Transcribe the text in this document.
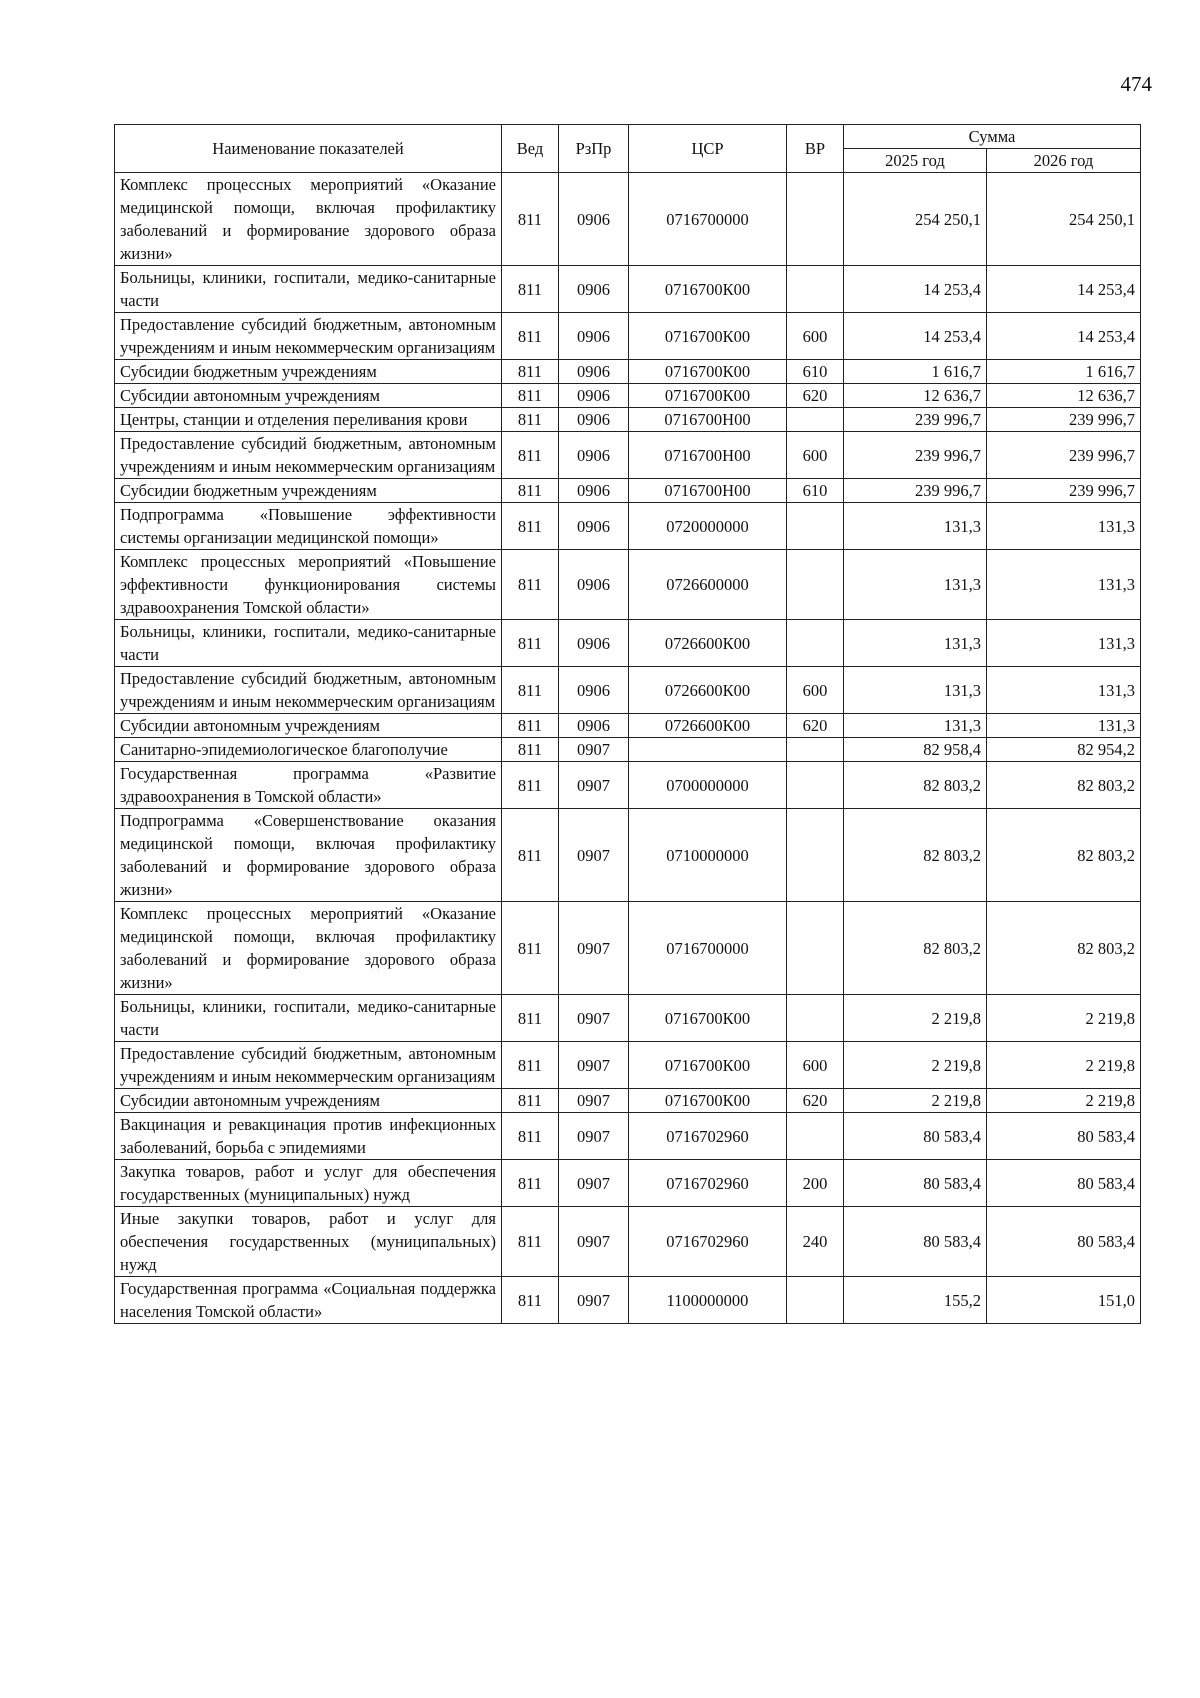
474
Наименование показателей	Вед	РзПр	ЦСР	ВР	Сумма	
					2025 год	2026 год
Комплекс процессных мероприятий «Оказание медицинской помощи, включая профилактику заболеваний и формирование здорового образа жизни»	811	0906	0716700000		254 250,1	254 250,1
Больницы, клиники, госпитали, медико-санитарные части	811	0906	0716700К00		14 253,4	14 253,4
Предоставление субсидий бюджетным, автономным учреждениям и иным некоммерческим организациям	811	0906	0716700К00	600	14 253,4	14 253,4
Субсидии бюджетным учреждениям	811	0906	0716700К00	610	1 616,7	1 616,7
Субсидии автономным учреждениям	811	0906	0716700К00	620	12 636,7	12 636,7
Центры, станции и отделения переливания крови	811	0906	0716700Н00		239 996,7	239 996,7
Предоставление субсидий бюджетным, автономным учреждениям и иным некоммерческим организациям	811	0906	0716700Н00	600	239 996,7	239 996,7
Субсидии бюджетным учреждениям	811	0906	0716700Н00	610	239 996,7	239 996,7
Подпрограмма «Повышение эффективности системы организации медицинской помощи»	811	0906	0720000000		131,3	131,3
Комплекс процессных мероприятий «Повышение эффективности функционирования системы здравоохранения Томской области»	811	0906	0726600000		131,3	131,3
Больницы, клиники, госпитали, медико-санитарные части	811	0906	0726600К00		131,3	131,3
Предоставление субсидий бюджетным, автономным учреждениям и иным некоммерческим организациям	811	0906	0726600К00	600	131,3	131,3
Субсидии автономным учреждениям	811	0906	0726600К00	620	131,3	131,3
Санитарно-эпидемиологическое благополучие	811	0907			82 958,4	82 954,2
Государственная программа «Развитие здравоохранения в Томской области»	811	0907	0700000000		82 803,2	82 803,2
Подпрограмма «Совершенствование оказания медицинской помощи, включая профилактику заболеваний и формирование здорового образа жизни»	811	0907	0710000000		82 803,2	82 803,2
Комплекс процессных мероприятий «Оказание медицинской помощи, включая профилактику заболеваний и формирование здорового образа жизни»	811	0907	0716700000		82 803,2	82 803,2
Больницы, клиники, госпитали, медико-санитарные части	811	0907	0716700К00		2 219,8	2 219,8
Предоставление субсидий бюджетным, автономным учреждениям и иным некоммерческим организациям	811	0907	0716700К00	600	2 219,8	2 219,8
Субсидии автономным учреждениям	811	0907	0716700К00	620	2 219,8	2 219,8
Вакцинация и ревакцинация против инфекционных заболеваний, борьба с эпидемиями	811	0907	0716702960		80 583,4	80 583,4
Закупка товаров, работ и услуг для обеспечения государственных (муниципальных) нужд	811	0907	0716702960	200	80 583,4	80 583,4
Иные закупки товаров, работ и услуг для обеспечения государственных (муниципальных) нужд	811	0907	0716702960	240	80 583,4	80 583,4
Государственная программа «Социальная поддержка населения Томской области»	811	0907	1100000000		155,2	151,0
